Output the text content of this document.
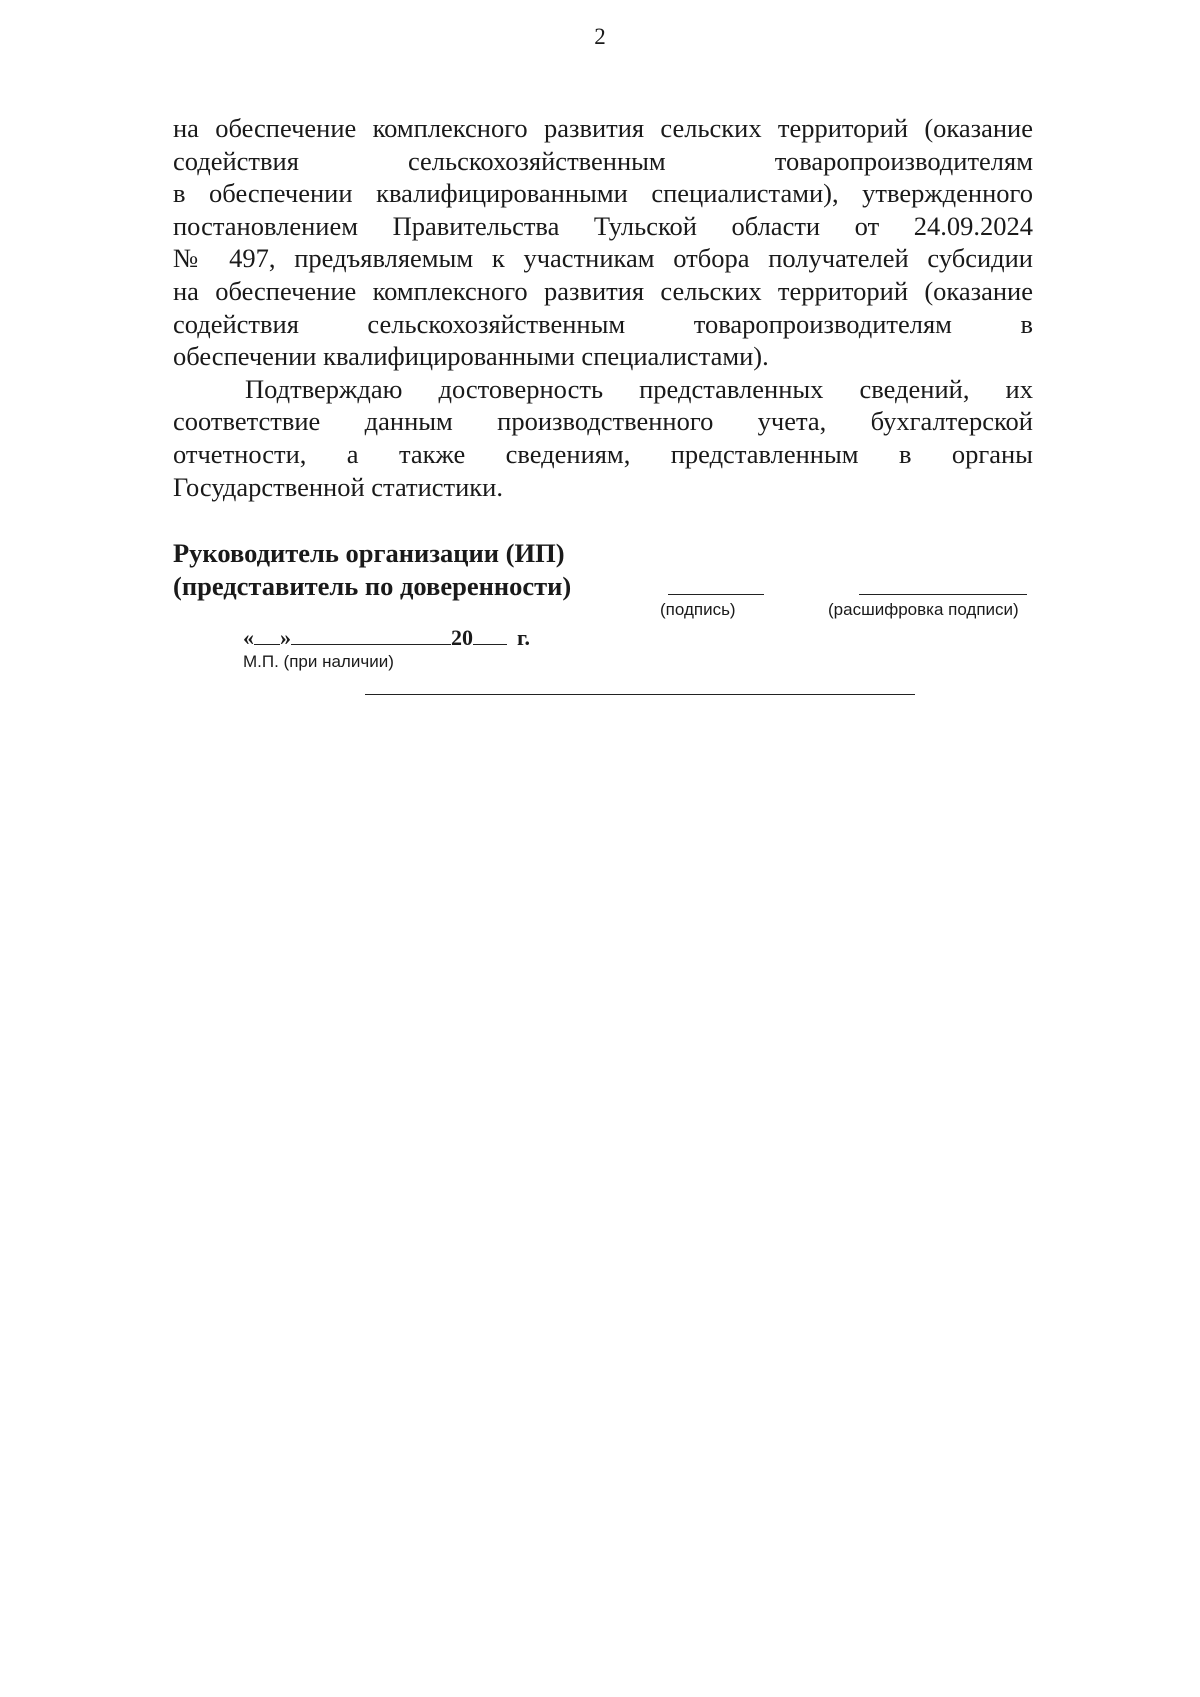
2
на обеспечение комплексного развития сельских территорий (оказание
содействия сельскохозяйственным товаропроизводителям
в обеспечении квалифицированными специалистами), утвержденного
постановлением Правительства Тульской области от 24.09.2024
№ 497, предъявляемым к участникам отбора получателей субсидии
на обеспечение комплексного развития сельских территорий (оказание
содействия сельскохозяйственным товаропроизводителям в
обеспечении квалифицированными специалистами).
Подтверждаю достоверность представленных сведений, их
соответствие данным производственного учета, бухгалтерской
отчетности, а также сведениям, представленным в органы
Государственной статистики.
Руководитель организации (ИП)
(представитель по доверенности)
(подпись)	(расшифровка подписи)
« »	20 г.
М.П. (при наличии)
